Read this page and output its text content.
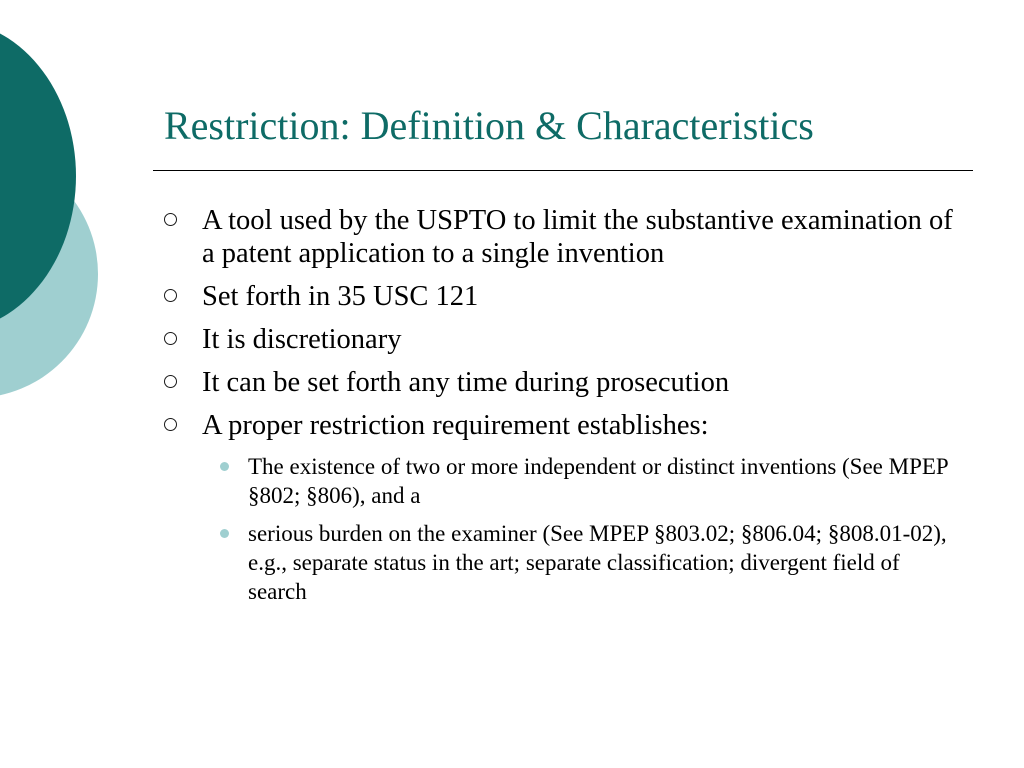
Restriction: Definition & Characteristics
A tool used by the USPTO to limit the substantive examination of a patent application to a single invention
Set forth in 35 USC 121
It is discretionary
It can be set forth any time during prosecution
A proper restriction requirement establishes:
The existence of two or more independent or distinct inventions (See MPEP §802; §806), and a
serious burden on the examiner (See MPEP §803.02; §806.04; §808.01-02), e.g., separate status in the art; separate classification; divergent field of search
